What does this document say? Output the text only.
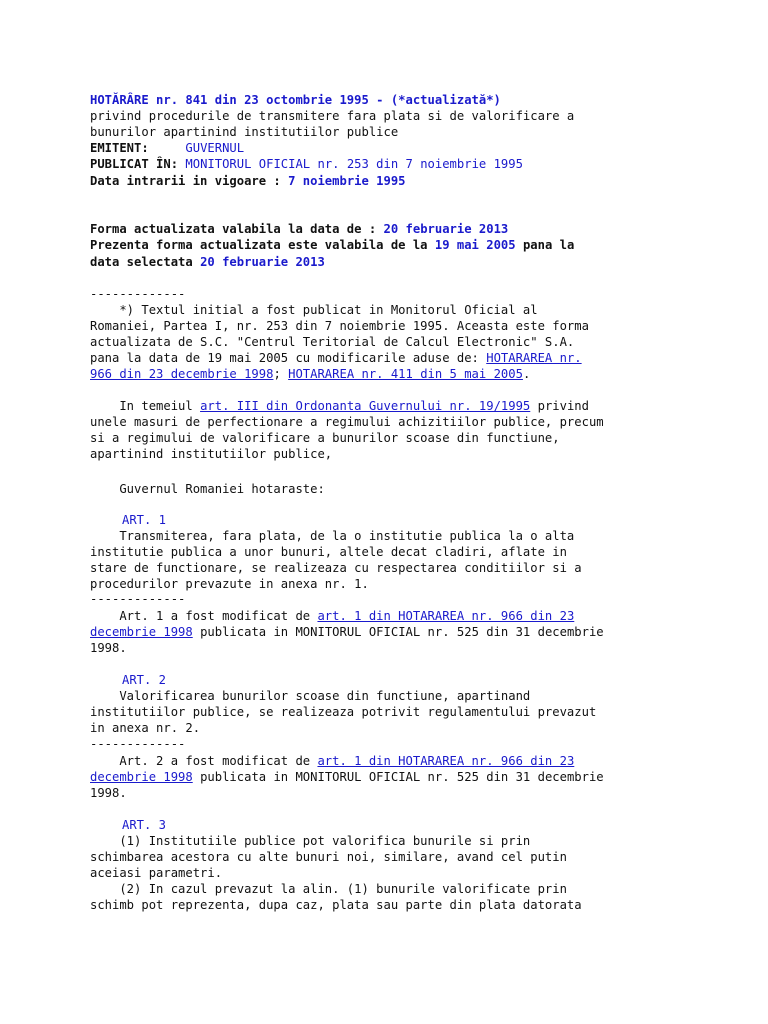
HOTĂRÂRE nr. 841 din 23 octombrie 1995 - (*actualizată*)
privind procedurile de transmitere fara plata si de valorificare a
bunurilor apartinind institutiilor publice
EMITENT:	GUVERNUL
PUBLICAT ÎN: MONITORUL OFICIAL nr. 253 din 7 noiembrie 1995
Data intrarii in vigoare : 7 noiembrie 1995
Forma actualizata valabila la data de : 20 februarie 2013
Prezenta forma actualizata este valabila de la 19 mai 2005 pana la
data selectata 20 februarie 2013
-------------
*) Textul initial a fost publicat in Monitorul Oficial al
Romaniei, Partea I, nr. 253 din 7 noiembrie 1995. Aceasta este forma
actualizata de S.C. "Centrul Teritorial de Calcul Electronic" S.A.
pana la data de 19 mai 2005 cu modificarile aduse de: HOTARAREA nr.
966 din 23 decembrie 1998; HOTARAREA nr. 411 din 5 mai 2005.
In temeiul art. III din Ordonanta Guvernului nr. 19/1995 privind
unele masuri de perfectionare a regimului achizitiilor publice, precum
si a regimului de valorificare a bunurilor scoase din functiune,
apartinind institutiilor publice,
Guvernul Romaniei hotaraste:
ART. 1
Transmiterea, fara plata, de la o institutie publica la o alta
institutie publica a unor bunuri, altele decat cladiri, aflate in
stare de functionare, se realizeaza cu respectarea conditiilor si a
procedurilor prevazute in anexa nr. 1.
-------------
Art. 1 a fost modificat de art. 1 din HOTARAREA nr. 966 din 23
decembrie 1998 publicata in MONITORUL OFICIAL nr. 525 din 31 decembrie
1998.
ART. 2
Valorificarea bunurilor scoase din functiune, apartinand
institutiilor publice, se realizeaza potrivit regulamentului prevazut
in anexa nr. 2.
-------------
Art. 2 a fost modificat de art. 1 din HOTARAREA nr. 966 din 23
decembrie 1998 publicata in MONITORUL OFICIAL nr. 525 din 31 decembrie
1998.
ART. 3
(1) Institutiile publice pot valorifica bunurile si prin
schimbarea acestora cu alte bunuri noi, similare, avand cel putin
aceiasi parametri.
(2) In cazul prevazut la alin. (1) bunurile valorificate prin
schimb pot reprezenta, dupa caz, plata sau parte din plata datorata
